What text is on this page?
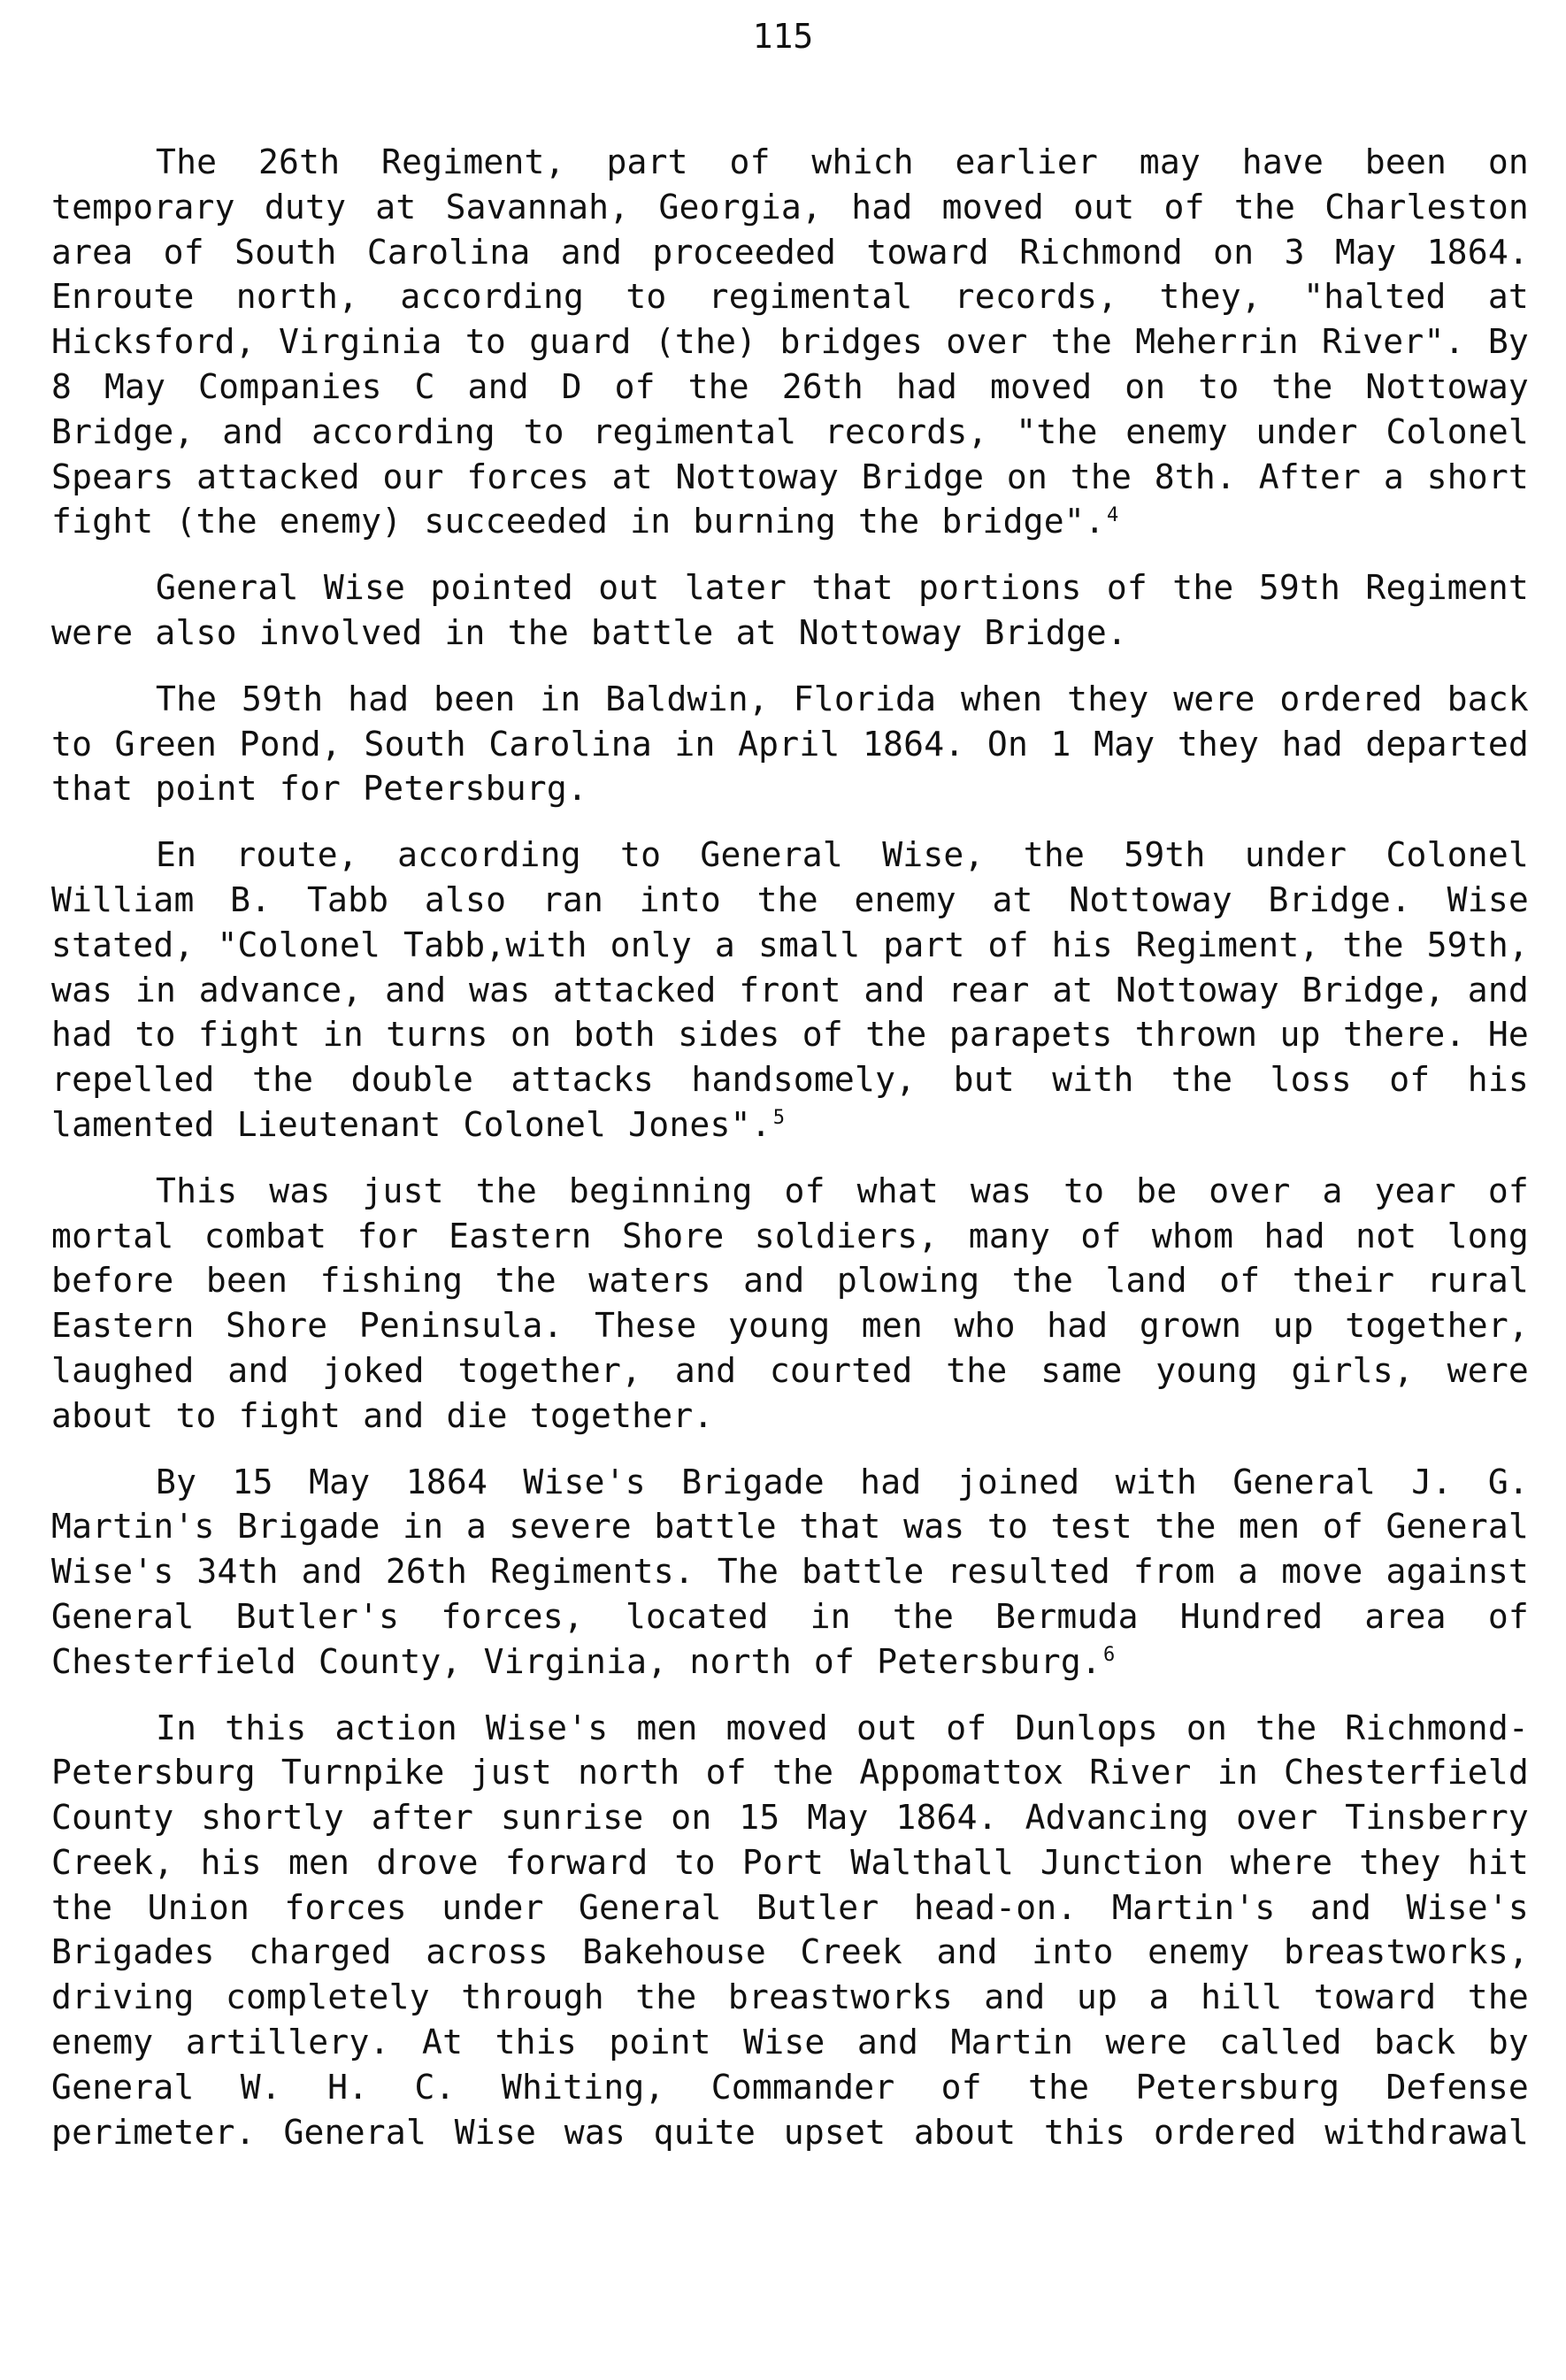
115

The 26th Regiment, part of which earlier may have been on temporary duty at Savannah, Georgia, had moved out of the Charleston area of South Carolina and proceeded toward Richmond on 3 May 1864. Enroute north, according to regimental records, they, "halted at Hicksford, Virginia to guard (the) bridges over the Meherrin River". By 8 May Companies C and D of the 26th had moved on to the Nottoway Bridge, and according to regimental records, "the enemy under Colonel Spears attacked our forces at Nottoway Bridge on the 8th. After a short fight (the enemy) succeeded in burning the bridge".$^4$

General Wise pointed out later that portions of the 59th Regiment were also involved in the battle at Nottoway Bridge.

The 59th had been in Baldwin, Florida when they were ordered back to Green Pond, South Carolina in April 1864. On 1 May they had departed that point for Petersburg.

En route, according to General Wise, the 59th under Colonel William B. Tabb also ran into the enemy at Nottoway Bridge. Wise stated, "Colonel Tabb,with only a small part of his Regiment, the 59th, was in advance, and was attacked front and rear at Nottoway Bridge, and had to fight in turns on both sides of the parapets thrown up there. He repelled the double attacks handsomely, but with the loss of his lamented Lieutenant Colonel Jones".$^5$

This was just the beginning of what was to be over a year of mortal combat for Eastern Shore soldiers, many of whom had not long before been fishing the waters and plowing the land of their rural Eastern Shore Peninsula. These young men who had grown up together, laughed and joked together, and courted the same young girls, were about to fight and die together.

By 15 May 1864 Wise's Brigade had joined with General J. G. Martin's Brigade in a severe battle that was to test the men of General Wise's 34th and 26th Regiments. The battle resulted from a move against General Butler's forces, located in the Bermuda Hundred area of Chesterfield County, Virginia, north of Petersburg.$^6$

In this action Wise's men moved out of Dunlops on the Richmond-Petersburg Turnpike just north of the Appomattox River in Chesterfield County shortly after sunrise on 15 May 1864. Advancing over Tinsberry Creek, his men drove forward to Port Walthall Junction where they hit the Union forces under General Butler head-on. Martin's and Wise's Brigades charged across Bakehouse Creek and into enemy breastworks, driving completely through the breastworks and up a hill toward the enemy artillery. At this point Wise and Martin were called back by General W. H. C. Whiting, Commander of the Petersburg Defense perimeter. General Wise was quite upset about this ordered withdrawal
